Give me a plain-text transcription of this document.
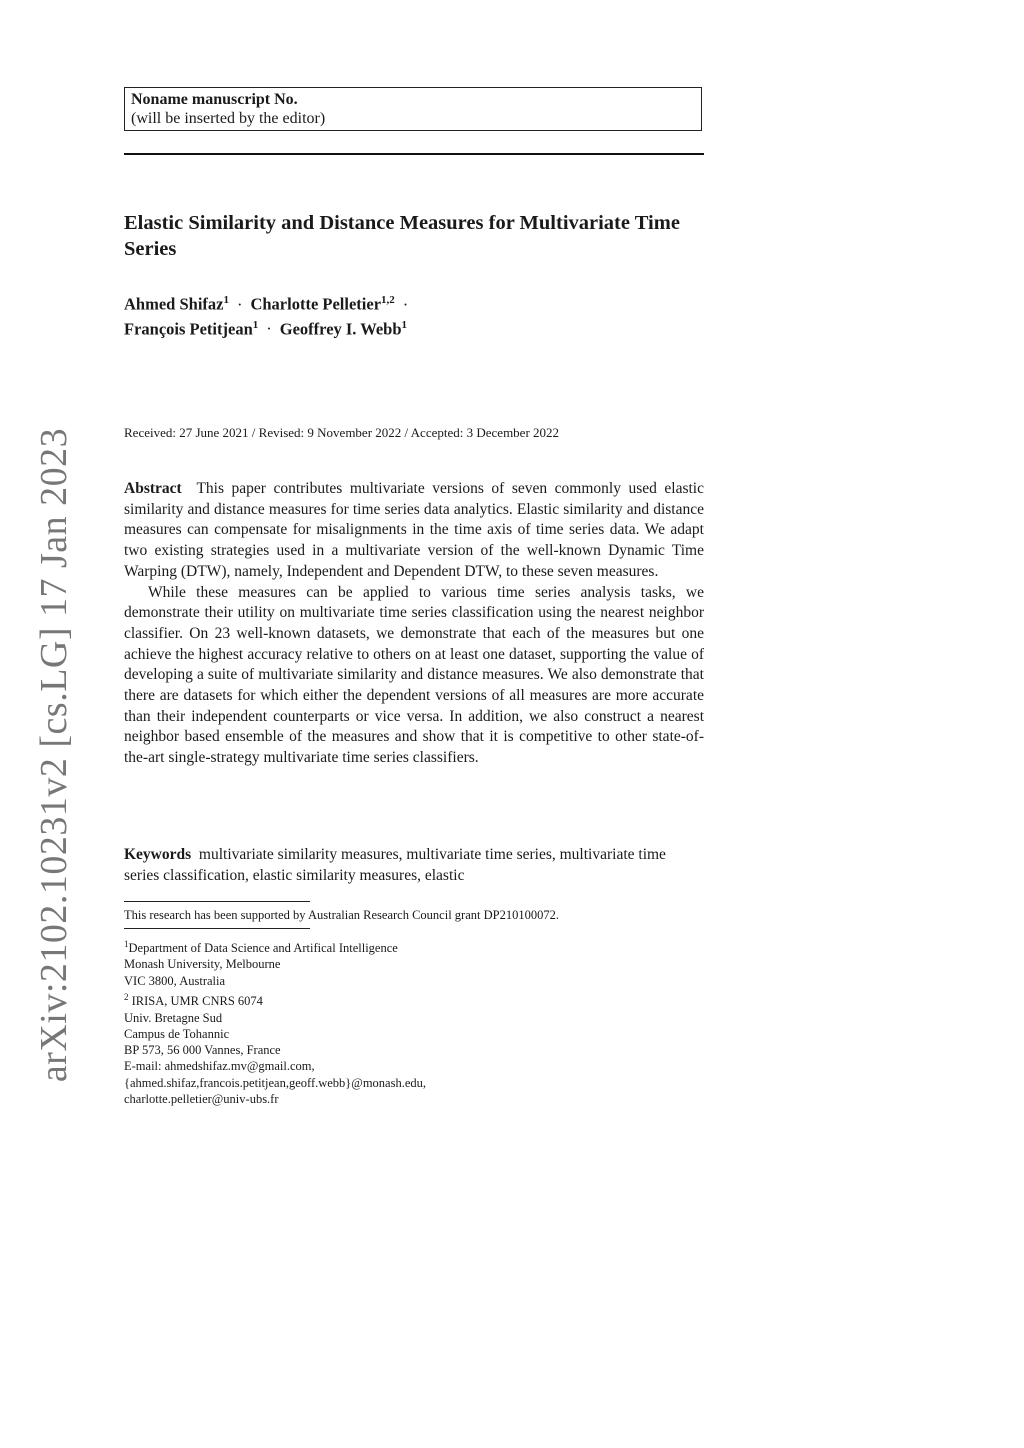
arXiv:2102.10231v2 [cs.LG] 17 Jan 2023
Noname manuscript No.
(will be inserted by the editor)
Elastic Similarity and Distance Measures for Multivariate Time Series
Ahmed Shifaz$^1$ · Charlotte Pelletier$^{1,2}$ ·
François Petitjean$^1$ · Geoffrey I. Webb$^1$
Received: 27 June 2021 / Revised: 9 November 2022 / Accepted: 3 December 2022

Abstract This paper contributes multivariate versions of seven commonly used elastic similarity and distance measures for time series data analytics. Elastic similarity and distance measures can compensate for misalignments in the time axis of time series data. We adapt two existing strategies used in a multivariate version of the well-known Dynamic Time Warping (DTW), namely, Independent and Dependent DTW, to these seven measures.

While these measures can be applied to various time series analysis tasks, we demonstrate their utility on multivariate time series classification using the nearest neighbor classifier. On 23 well-known datasets, we demonstrate that each of the measures but one achieve the highest accuracy relative to others on at least one dataset, supporting the value of developing a suite of multivariate similarity and distance measures. We also demonstrate that there are datasets for which either the dependent versions of all measures are more accurate than their independent counterparts or vice versa. In addition, we also construct a nearest neighbor based ensemble of the measures and show that it is competitive to other state-of-the-art single-strategy multivariate time series classifiers.

Keywords multivariate similarity measures, multivariate time series, multivariate time series classification, elastic similarity measures, elastic

This research has been supported by Australian Research Council grant DP210100072.
$^1$Department of Data Science and Artifical Intelligence
Monash University, Melbourne
VIC 3800, Australia
$^2$ IRISA, UMR CNRS 6074
Univ. Bretagne Sud
Campus de Tohannic
BP 573, 56 000 Vannes, France
E-mail: ahmedshifaz.mv@gmail.com,
{ahmed.shifaz,francois.petitjean,geoff.webb}@monash.edu,
charlotte.pelletier@univ-ubs.fr
